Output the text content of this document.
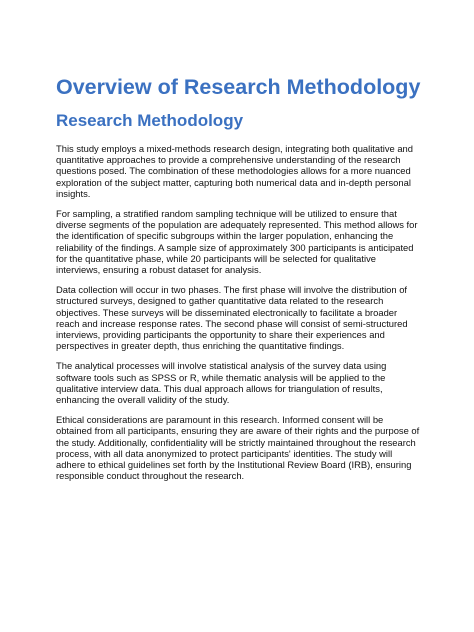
Overview of Research Methodology
Research Methodology

This study employs a mixed-methods research design, integrating both qualitative and
quantitative approaches to provide a comprehensive understanding of the research
questions posed. The combination of these methodologies allows for a more nuanced
exploration of the subject matter, capturing both numerical data and in-depth personal
insights.

For sampling, a stratified random sampling technique will be utilized to ensure that
diverse segments of the population are adequately represented. This method allows for
the identification of specific subgroups within the larger population, enhancing the
reliability of the findings. A sample size of approximately 300 participants is anticipated
for the quantitative phase, while 20 participants will be selected for qualitative
interviews, ensuring a robust dataset for analysis.

Data collection will occur in two phases. The first phase will involve the distribution of
structured surveys, designed to gather quantitative data related to the research
objectives. These surveys will be disseminated electronically to facilitate a broader
reach and increase response rates. The second phase will consist of semi-structured
interviews, providing participants the opportunity to share their experiences and
perspectives in greater depth, thus enriching the quantitative findings.

The analytical processes will involve statistical analysis of the survey data using
software tools such as SPSS or R, while thematic analysis will be applied to the
qualitative interview data. This dual approach allows for triangulation of results,
enhancing the overall validity of the study.

Ethical considerations are paramount in this research. Informed consent will be
obtained from all participants, ensuring they are aware of their rights and the purpose of
the study. Additionally, confidentiality will be strictly maintained throughout the research
process, with all data anonymized to protect participants' identities. The study will
adhere to ethical guidelines set forth by the Institutional Review Board (IRB), ensuring
responsible conduct throughout the research.
